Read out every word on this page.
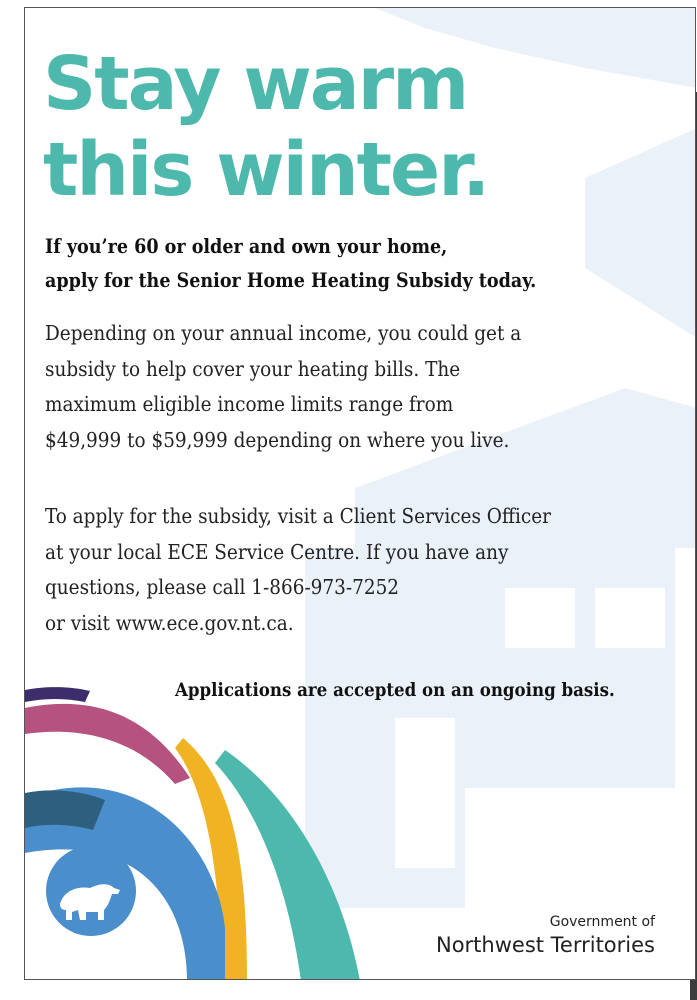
Stay warm
this winter.

If you’re 60 or older and own your home,
apply for the Senior Home Heating Subsidy today.

Depending on your annual income, you could get a
subsidy to help cover your heating bills. The
maximum eligible income limits range from
$49,999 to $59,999 depending on where you live.

To apply for the subsidy, visit a Client Services Officer
at your local ECE Service Centre. If you have any
questions, please call 1-866-973-7252
or visit www.ece.gov.nt.ca.

Applications are accepted on an ongoing basis.

Government of
Northwest Territories
